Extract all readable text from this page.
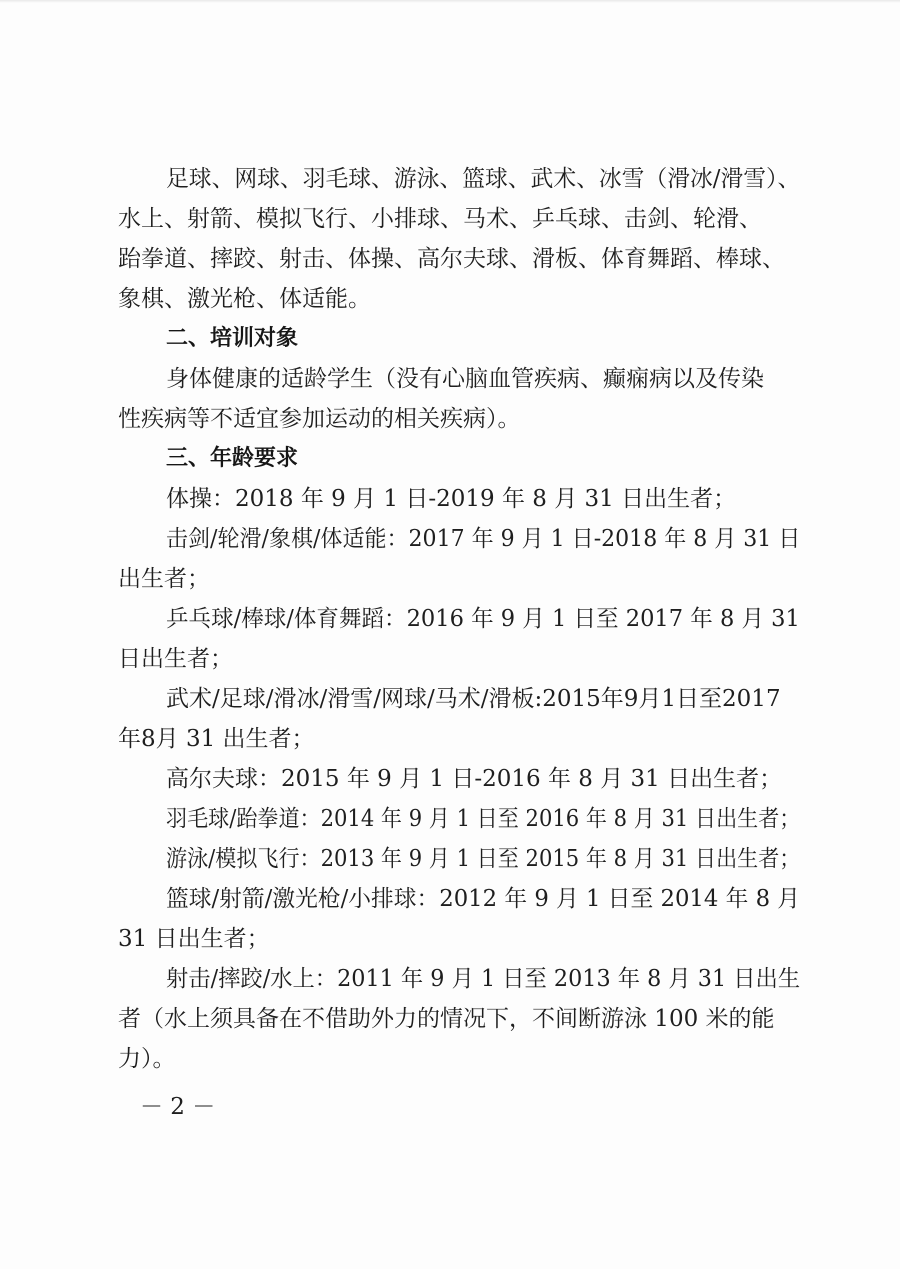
足球、网球、羽毛球、游泳、篮球、武术、冰雪（滑冰/滑雪）、
水上、射箭、模拟飞行、小排球、马术、乒乓球、击剑、轮滑、
跆拳道、摔跤、射击、体操、高尔夫球、滑板、体育舞蹈、棒球、
象棋、激光枪、体适能。
二、培训对象
身体健康的适龄学生（没有心脑血管疾病、癫痫病以及传染
性疾病等不适宜参加运动的相关疾病）。
三、年龄要求
体操：2018 年 9 月 1 日-2019 年 8 月 31 日出生者；
击剑/轮滑/象棋/体适能：2017 年 9 月 1 日-2018 年 8 月 31 日
出生者；
乒乓球/棒球/体育舞蹈：2016 年 9 月 1 日至 2017 年 8 月 31
日出生者；
武术/足球/滑冰/滑雪/网球/马术/滑板:2015年9月1日至2017
年8月 31 出生者；
高尔夫球：2015 年 9 月 1 日-2016 年 8 月 31 日出生者；
羽毛球/跆拳道：2014 年 9 月 1 日至 2016 年 8 月 31 日出生者；
游泳/模拟飞行：2013 年 9 月 1 日至 2015 年 8 月 31 日出生者；
篮球/射箭/激光枪/小排球：2012 年 9 月 1 日至 2014 年 8 月
31 日出生者；
射击/摔跤/水上：2011 年 9 月 1 日至 2013 年 8 月 31 日出生
者（水上须具备在不借助外力的情况下，不间断游泳 100 米的能
力）。
－ 2 －
